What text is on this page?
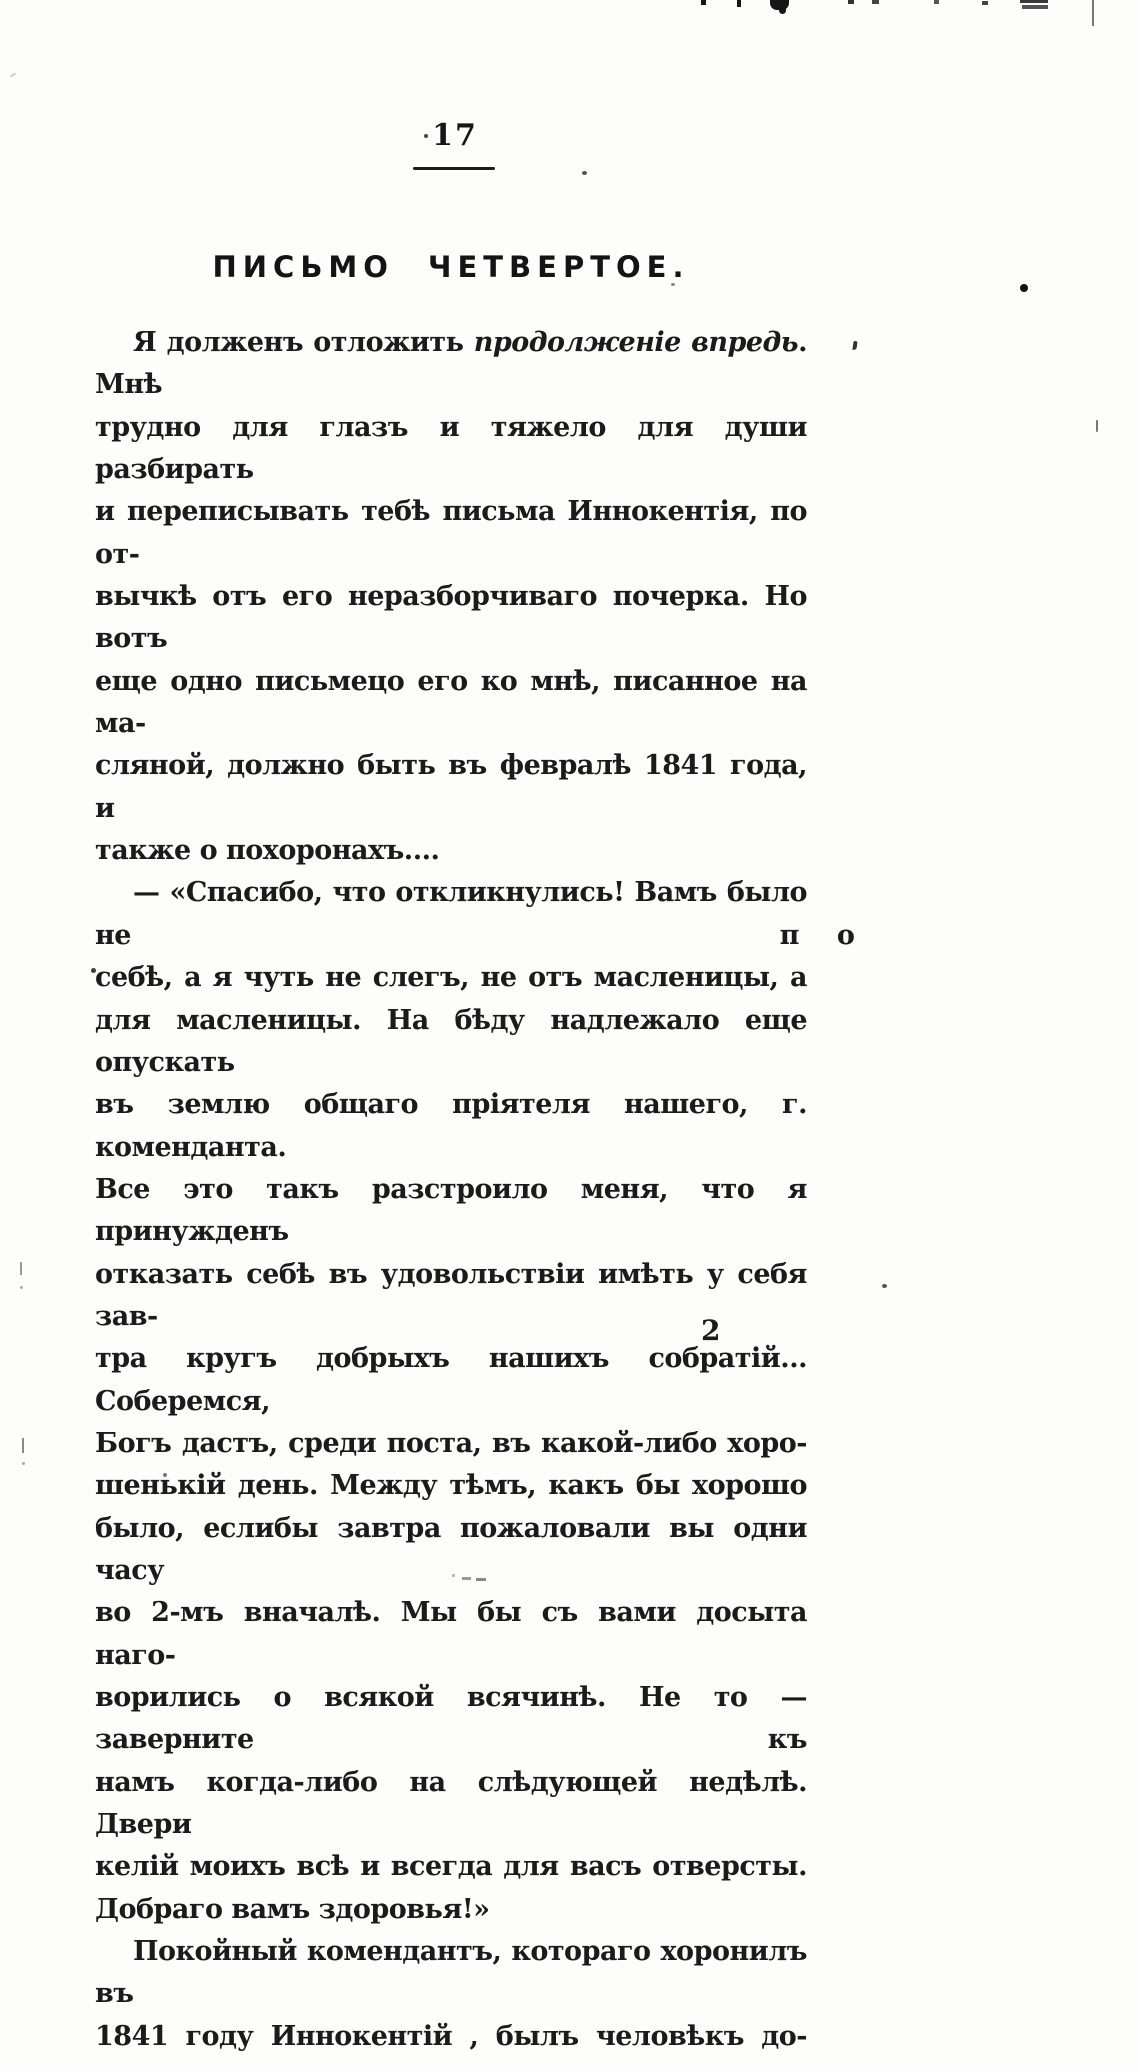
17
ПИСЬМО ЧЕТВЕРТОЕ.
Я долженъ отложить продолженіе впредь. Мнѣ
трудно для глазъ и тяжело для души разбирать
и переписывать тебѣ письма Иннокентія, по от-
вычкѣ отъ его неразборчиваго почерка. Но вотъ
еще одно письмецо его ко мнѣ, писанное на ма-
сляной, должно быть въ февралѣ 1841 года, и
также о похоронахъ....
— «Спасибо, что откликнулись! Вамъ было не п о
себѣ, а я чуть не слегъ, не отъ масленицы, а
для масленицы. На бѣду надлежало еще опускать
въ землю общаго пріятеля нашего, г. коменданта.
Все это такъ разстроило меня, что я принужденъ
отказать себѣ въ удовольствіи имѣть у себя зав-
тра кругъ добрыхъ нашихъ собратій... Соберемся,
Богъ дастъ, среди поста, въ какой-либо хоро-
шенькій день. Между тѣмъ, какъ бы хорошо
было, еслибы завтра пожаловали вы одни часу
во 2-мъ вначалѣ. Мы бы съ вами досыта наго-
ворились о всякой всячинѣ. Не то — заверните къ
намъ когда-либо на слѣдующей недѣлѣ. Двери
келій моихъ всѣ и всегда для васъ отверсты.
Добраго вамъ здоровья!»
Покойный комендантъ, котораго хоронилъ въ
1841 году Иннокентій , былъ человѣкъ до-
2
